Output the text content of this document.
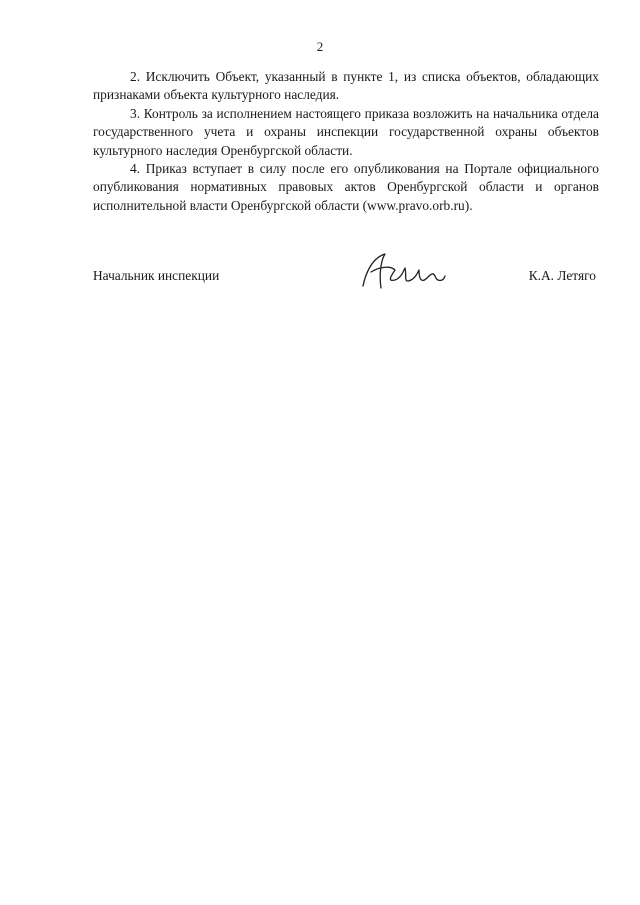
2

2. Исключить Объект, указанный в пункте 1, из списка объектов, обладающих признаками объекта культурного наследия.

3. Контроль за исполнением настоящего приказа возложить на начальника отдела государственного учета и охраны инспекции государственной охраны объектов культурного наследия Оренбургской области.

4. Приказ вступает в силу после его опубликования на Портале официального опубликования нормативных правовых актов Оренбургской области и органов исполнительной власти Оренбургской области (www.pravo.orb.ru).

Начальник инспекции	К.А. Летяго
